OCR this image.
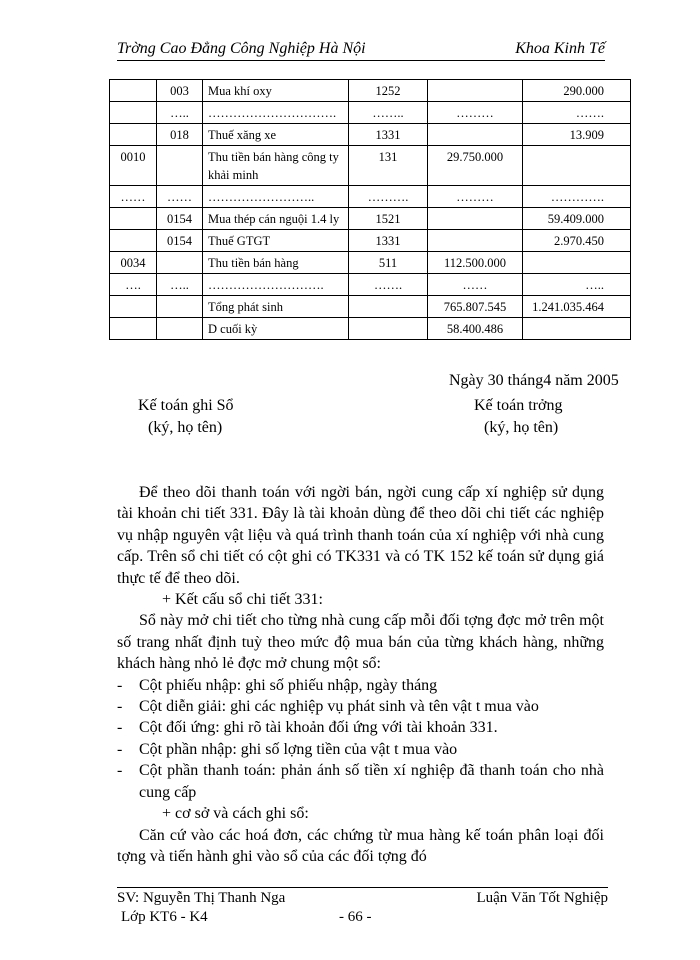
Trờng Cao Đẳng Công Nghiệp Hà Nội	Khoa Kinh Tế
	003	Mua khí oxy	1252		290.000
	…..	………………………….	……..	………	…….
	018	Thuế xăng xe	1331		13.909
0010		Thu tiền bán hàng công ty khải minh	131	29.750.000	
……	……	……………………..	……….	………	………….
	0154	Mua thép cán nguội 1.4 ly	1521		59.409.000
	0154	Thuế GTGT	1331		2.970.450
0034		Thu tiền bán hàng	511	112.500.000	
….	…..	……………………….	…….	……	…..
		Tổng phát sinh		765.807.545	1.241.035.464
		D cuối kỳ		58.400.486	
Ngày 30 tháng4 năm 2005
Kế toán ghi Sổ
(ký, họ tên)
Kế toán trởng
(ký, họ tên)

Để theo dõi thanh toán với ngời bán, ngời cung cấp xí nghiệp sử dụng tài khoản chi tiết 331. Đây là tài khoản dùng để theo dõi chi tiết các nghiệp vụ nhập nguyên vật liệu và quá trình thanh toán của xí nghiệp với nhà cung cấp. Trên sổ chi tiết có cột ghi có TK331 và có TK 152 kế toán sử dụng giá thực tế để theo dõi.

+ Kết cấu sổ chi tiết 331:

Sổ này mở chi tiết cho từng nhà cung cấp mỗi đối tợng đợc mở trên một số trang nhất định tuỳ theo mức độ mua bán của từng khách hàng, những khách hàng nhỏ lẻ đợc mở chung một sổ:

- Cột phiếu nhập: ghi số phiếu nhập, ngày tháng
- Cột diễn giải: ghi các nghiệp vụ phát sinh và tên vật t mua vào
- Cột đối ứng: ghi rõ tài khoản đối ứng với tài khoản 331.
- Cột phần nhập: ghi số lợng tiền của vật t mua vào
- Cột phần thanh toán: phản ánh số tiền xí nghiệp đã thanh toán cho nhà cung cấp

+ cơ sở và cách ghi sổ:

Căn cứ vào các hoá đơn, các chứng từ mua hàng kế toán phân loại đối tợng và tiến hành ghi vào sổ của các đối tợng đó

SV: Nguyễn Thị Thanh Nga	Luận Văn Tốt Nghiệp
Lớp KT6 - K4	- 66 -
